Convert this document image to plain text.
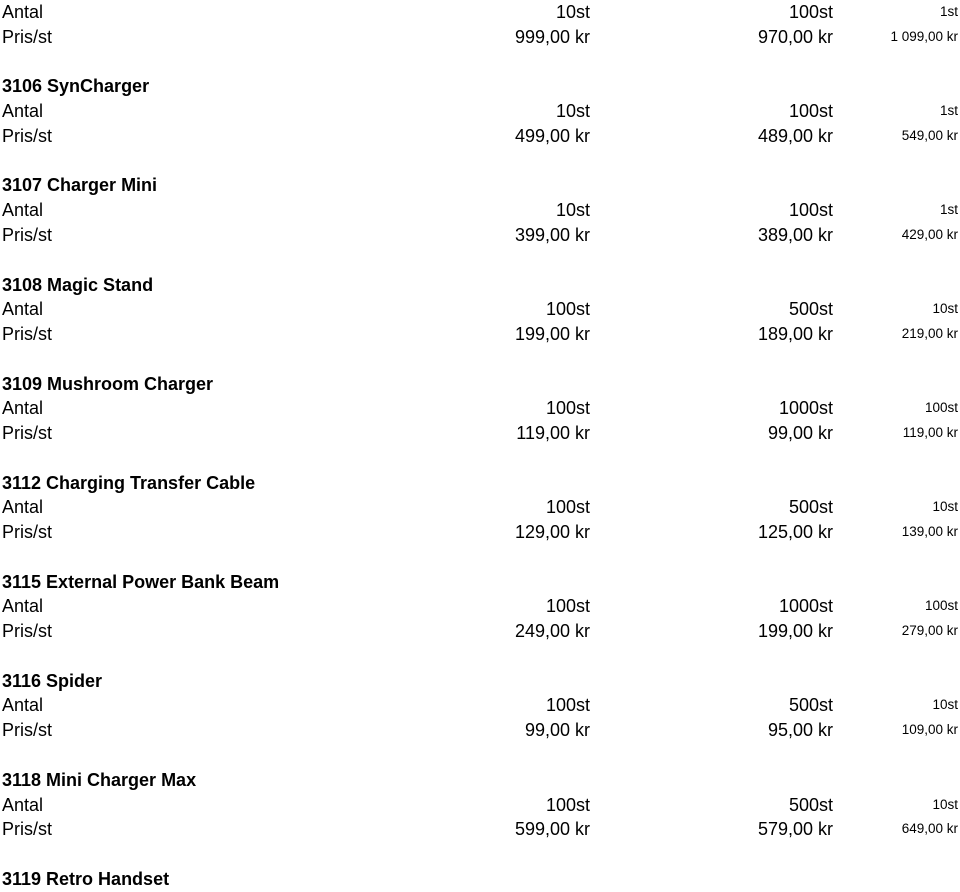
Antal	10st	100st	1st
Pris/st	999,00 kr	970,00 kr	1 099,00 kr
3106 SynCharger
Antal	10st	100st	1st
Pris/st	499,00 kr	489,00 kr	549,00 kr
3107 Charger Mini
Antal	10st	100st	1st
Pris/st	399,00 kr	389,00 kr	429,00 kr
3108 Magic Stand
Antal	100st	500st	10st
Pris/st	199,00 kr	189,00 kr	219,00 kr
3109 Mushroom Charger
Antal	100st	1000st	100st
Pris/st	119,00 kr	99,00 kr	119,00 kr
3112 Charging Transfer Cable
Antal	100st	500st	10st
Pris/st	129,00 kr	125,00 kr	139,00 kr
3115 External Power Bank Beam
Antal	100st	1000st	100st
Pris/st	249,00 kr	199,00 kr	279,00 kr
3116 Spider
Antal	100st	500st	10st
Pris/st	99,00 kr	95,00 kr	109,00 kr
3118 Mini Charger Max
Antal	100st	500st	10st
Pris/st	599,00 kr	579,00 kr	649,00 kr
3119 Retro Handset
